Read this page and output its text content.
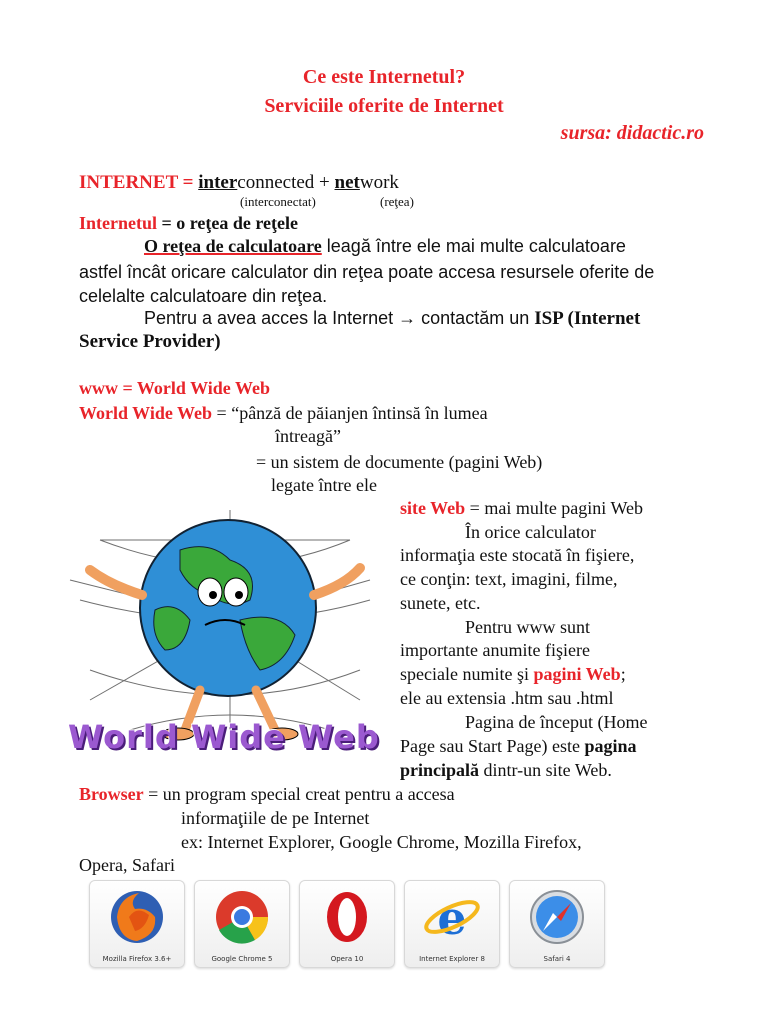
Ce este Internetul?
Serviciile oferite de Internet
sursa: didactic.ro
INTERNET = interconnected + network
(interconectat)	(reţea)
Internetul = o reţea de reţele
O reţea de calculatoare leagă între ele mai multe calculatoare
astfel încât oricare calculator din reţea poate accesa resursele oferite de
celelalte calculatoare din reţea.
Pentru a avea acces la Internet → contactăm un ISP (Internet
Service Provider)
www = World Wide Web
World Wide Web = “pânză de păianjen întinsă în lumea
întreagă”
= un sistem de documente (pagini Web)
legate între ele
site Web = mai multe pagini Web
În orice calculator
informaţia este stocată în fişiere,
ce conţin: text, imagini, filme,
sunete, etc.
Pentru www sunt
importante anumite fişiere
speciale numite şi pagini Web;
ele au extensia .htm sau .html
Pagina de început (Home
Page sau Start Page) este pagina
principală dintr-un site Web.
World Wide Web
Browser = un program special creat pentru a accesa
informaţiile de pe Internet
ex: Internet Explorer, Google Chrome, Mozilla Firefox,
Opera, Safari
Mozilla Firefox 3.6+	Google Chrome 5	Opera 10
e
Internet Explorer 8	Safari 4
